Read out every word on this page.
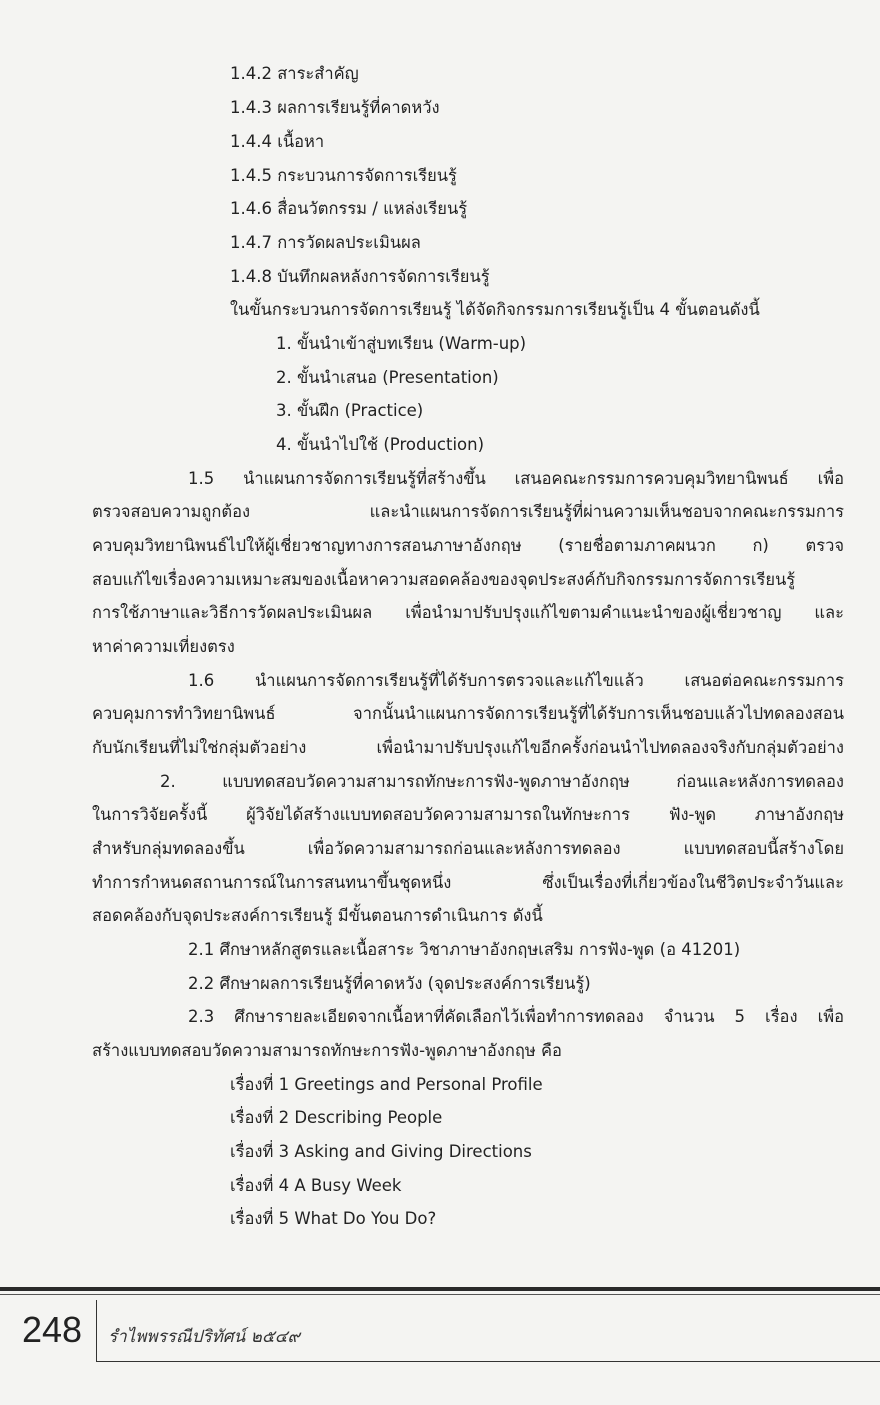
1.4.2 สาระสำคัญ
1.4.3 ผลการเรียนรู้ที่คาดหวัง
1.4.4 เนื้อหา
1.4.5 กระบวนการจัดการเรียนรู้
1.4.6 สื่อนวัตกรรม / แหล่งเรียนรู้
1.4.7 การวัดผลประเมินผล
1.4.8 บันทึกผลหลังการจัดการเรียนรู้
ในขั้นกระบวนการจัดการเรียนรู้ ได้จัดกิจกรรมการเรียนรู้เป็น 4 ขั้นตอนดังนี้
1. ขั้นนำเข้าสู่บทเรียน (Warm-up)
2. ขั้นนำเสนอ (Presentation)
3. ขั้นฝึก (Practice)
4. ขั้นนำไปใช้ (Production)
1.5 นำแผนการจัดการเรียนรู้ที่สร้างขึ้น เสนอคณะกรรมการควบคุมวิทยานิพนธ์ เพื่อ
ตรวจสอบความถูกต้อง และนำแผนการจัดการเรียนรู้ที่ผ่านความเห็นชอบจากคณะกรรมการ
ควบคุมวิทยานิพนธ์ไปให้ผู้เชี่ยวชาญทางการสอนภาษาอังกฤษ (รายชื่อตามภาคผนวก ก) ตรวจ
สอบแก้ไขเรื่องความเหมาะสมของเนื้อหาความสอดคล้องของจุดประสงค์กับกิจกรรมการจัดการเรียนรู้
การใช้ภาษาและวิธีการวัดผลประเมินผล เพื่อนำมาปรับปรุงแก้ไขตามคำแนะนำของผู้เชี่ยวชาญ และ
หาค่าความเที่ยงตรง
1.6 นำแผนการจัดการเรียนรู้ที่ได้รับการตรวจและแก้ไขแล้ว เสนอต่อคณะกรรมการ
ควบคุมการทำวิทยานิพนธ์ จากนั้นนำแผนการจัดการเรียนรู้ที่ได้รับการเห็นชอบแล้วไปทดลองสอน
กับนักเรียนที่ไม่ใช่กลุ่มตัวอย่าง เพื่อนำมาปรับปรุงแก้ไขอีกครั้งก่อนนำไปทดลองจริงกับกลุ่มตัวอย่าง
2. แบบทดสอบวัดความสามารถทักษะการฟัง-พูดภาษาอังกฤษ ก่อนและหลังการทดลอง
ในการวิจัยครั้งนี้ ผู้วิจัยได้สร้างแบบทดสอบวัดความสามารถในทักษะการ ฟัง-พูด ภาษาอังกฤษ
สำหรับกลุ่มทดลองขึ้น เพื่อวัดความสามารถก่อนและหลังการทดลอง แบบทดสอบนี้สร้างโดย
ทำการกำหนดสถานการณ์ในการสนทนาขึ้นชุดหนึ่ง ซึ่งเป็นเรื่องที่เกี่ยวข้องในชีวิตประจำวันและ
สอดคล้องกับจุดประสงค์การเรียนรู้ มีขั้นตอนการดำเนินการ ดังนี้
2.1 ศึกษาหลักสูตรและเนื้อสาระ วิชาภาษาอังกฤษเสริม การฟัง-พูด (อ 41201)
2.2 ศึกษาผลการเรียนรู้ที่คาดหวัง (จุดประสงค์การเรียนรู้)
2.3 ศึกษารายละเอียดจากเนื้อหาที่คัดเลือกไว้เพื่อทำการทดลอง จำนวน 5 เรื่อง เพื่อ
สร้างแบบทดสอบวัดความสามารถทักษะการฟัง-พูดภาษาอังกฤษ คือ
เรื่องที่ 1 Greetings and Personal Profile
เรื่องที่ 2 Describing People
เรื่องที่ 3 Asking and Giving Directions
เรื่องที่ 4 A Busy Week
เรื่องที่ 5 What Do You Do?
248 รำไพพรรณีปริทัศน์ ๒๕๔๙
